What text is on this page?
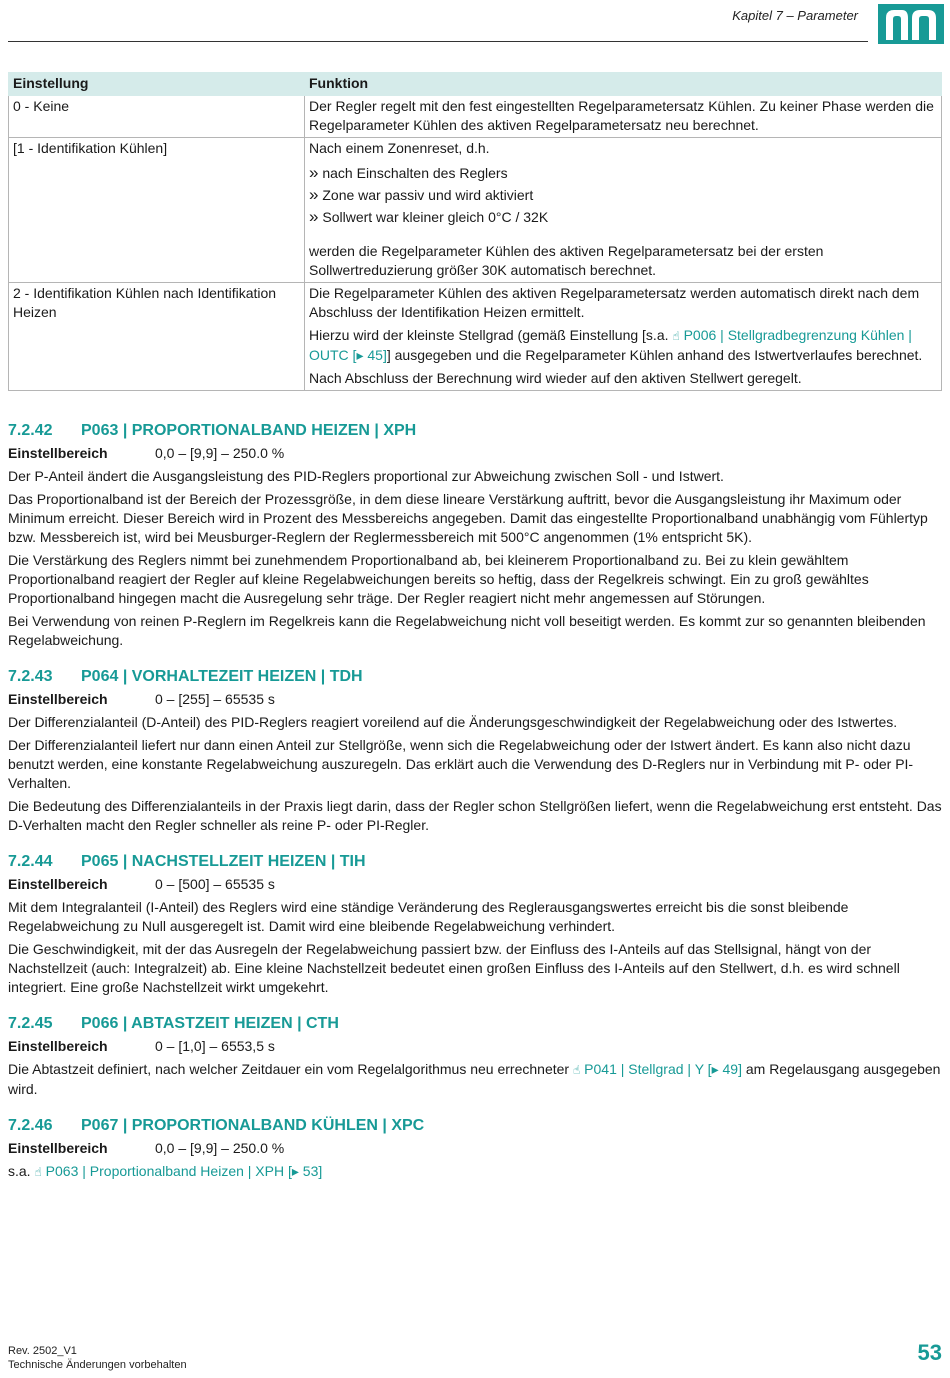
Kapitel 7 – Parameter
Einstellung	Funktion
0 - Keine	Der Regler regelt mit den fest eingestellten Regelparametersatz Kühlen. Zu keiner Phase werden die Regelparameter Kühlen des aktiven Regelparametersatz neu berechnet.

[1 - Identifikation Kühlen]	Nach einem Zonenreset, d.h.
» nach Einschalten des Reglers
» Zone war passiv und wird aktiviert
» Sollwert war kleiner gleich 0°C / 32K
werden die Regelparameter Kühlen des aktiven Regelparametersatz bei der ersten Sollwertreduzierung größer 30K automatisch berechnet.

2 - Identifikation Kühlen nach Identifikation Heizen	Die Regelparameter Kühlen des aktiven Regelparametersatz werden automatisch direkt nach dem Abschluss der Identifikation Heizen ermittelt.
Hierzu wird der kleinste Stellgrad (gemäß Einstellung [s.a. ☝ P006 | Stellgradbegrenzung Kühlen | OUTC [▸ 45]] ausgegeben und die Regelparameter Kühlen anhand des Istwertverlaufes berechnet.
Nach Abschluss der Berechnung wird wieder auf den aktiven Stellwert geregelt.
7.2.42 P063 | PROPORTIONALBAND HEIZEN | XPH
Einstellbereich	0,0 – [9,9] – 250.0 %
Der P-Anteil ändert die Ausgangsleistung des PID-Reglers proportional zur Abweichung zwischen Soll - und Istwert.
Das Proportionalband ist der Bereich der Prozessgröße, in dem diese lineare Verstärkung auftritt, bevor die Ausgangsleistung ihr Maximum oder Minimum erreicht. Dieser Bereich wird in Prozent des Messbereichs angegeben. Damit das eingestellte Proportionalband unabhängig vom Fühlertyp bzw. Messbereich ist, wird bei Meusburger-Reglern der Reglermessbereich mit 500°C angenommen (1% entspricht 5K).
Die Verstärkung des Reglers nimmt bei zunehmendem Proportionalband ab, bei kleinerem Proportionalband zu. Bei zu klein gewähltem Proportionalband reagiert der Regler auf kleine Regelabweichungen bereits so heftig, dass der Regelkreis schwingt. Ein zu groß gewähltes Proportionalband hingegen macht die Ausregelung sehr träge. Der Regler reagiert nicht mehr angemessen auf Störungen.
Bei Verwendung von reinen P-Reglern im Regelkreis kann die Regelabweichung nicht voll beseitigt werden. Es kommt zur so genannten bleibenden Regelabweichung.
7.2.43 P064 | VORHALTEZEIT HEIZEN | TDH
Einstellbereich	0 – [255] – 65535 s
Der Differenzialanteil (D-Anteil) des PID-Reglers reagiert voreilend auf die Änderungsgeschwindigkeit der Regelabweichung oder des Istwertes.
Der Differenzialanteil liefert nur dann einen Anteil zur Stellgröße, wenn sich die Regelabweichung oder der Istwert ändert. Es kann also nicht dazu benutzt werden, eine konstante Regelabweichung auszuregeln. Das erklärt auch die Verwendung des D-Reglers nur in Verbindung mit P- oder PI-Verhalten.
Die Bedeutung des Differenzialanteils in der Praxis liegt darin, dass der Regler schon Stellgrößen liefert, wenn die Regelabweichung erst entsteht. Das D-Verhalten macht den Regler schneller als reine P- oder PI-Regler.
7.2.44 P065 | NACHSTELLZEIT HEIZEN | TIH
Einstellbereich	0 – [500] – 65535 s
Mit dem Integralanteil (I-Anteil) des Reglers wird eine ständige Veränderung des Reglerausgangswertes erreicht bis die sonst bleibende Regelabweichung zu Null ausgeregelt ist. Damit wird eine bleibende Regelabweichung verhindert.
Die Geschwindigkeit, mit der das Ausregeln der Regelabweichung passiert bzw. der Einfluss des I-Anteils auf das Stellsignal, hängt von der Nachstellzeit (auch: Integralzeit) ab. Eine kleine Nachstellzeit bedeutet einen großen Einfluss des I-Anteils auf den Stellwert, d.h. es wird schnell integriert. Eine große Nachstellzeit wirkt umgekehrt.
7.2.45 P066 | ABTASTZEIT HEIZEN | CTH
Einstellbereich	0 – [1,0] – 6553,5 s
Die Abtastzeit definiert, nach welcher Zeitdauer ein vom Regelalgorithmus neu errechneter ☝ P041 | Stellgrad | Y [▸ 49] am Regelausgang ausgegeben wird.
7.2.46 P067 | PROPORTIONALBAND KÜHLEN | XPC
Einstellbereich	0,0 – [9,9] – 250.0 %
s.a. ☝ P063 | Proportionalband Heizen | XPH [▸ 53]
Rev. 2502_V1
Technische Änderungen vorbehalten	53
